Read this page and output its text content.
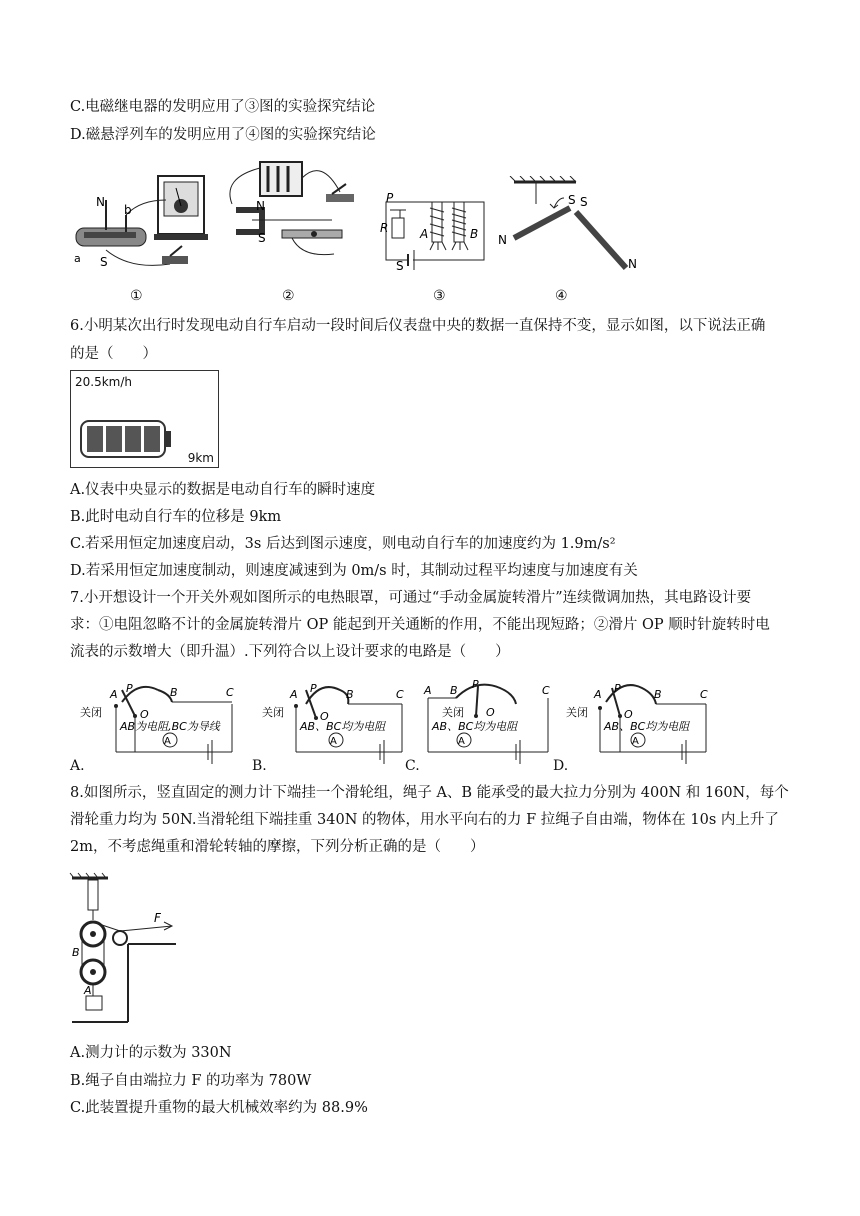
C.电磁继电器的发明应用了③图的实验探究结论
D.磁悬浮列车的发明应用了④图的实验探究结论
N
b
a S
N
S
P
R	A	B
S
N
S S
N
①	②	③	④
6.小明某次出行时发现电动自行车启动一段时间后仪表盘中央的数据一直保持不变，显示如图，以下说法正确
的是（　　）
20.5km/h
9km
A.仪表中央显示的数据是电动自行车的瞬时速度
B.此时电动自行车的位移是 9km
C.若采用恒定加速度启动，3s 后达到图示速度，则电动自行车的加速度约为 1.9m/s²
D.若采用恒定加速度制动，则速度减速到为 0m/s 时，其制动过程平均速度与加速度有关
7.小开想设计一个开关外观如图所示的电热眼罩，可通过“手动金属旋转滑片”连续微调加热，其电路设计要
求：①电阻忽略不计的金属旋转滑片 OP 能起到开关通断的作用，不能出现短路；②滑片 OP 顺时针旋转时电
流表的示数增大（即升温）.下列符合以上设计要求的电路是（　　）
A
AB为电阻,BC为导线
关闭
A P
O
B	C
A.
A
AB、BC均为电阻
关闭
A P
O
B	C
B.
A
AB、BC均为电阻
关闭
A	P
O
B	C
C.
A
AB、BC均为电阻
关闭
A P
O
B	C
D.
8.如图所示，竖直固定的测力计下端挂一个滑轮组，绳子 A、B 能承受的最大拉力分别为 400N 和 160N，每个
滑轮重力均为 50N.当滑轮组下端挂重 340N 的物体，用水平向右的力 F 拉绳子自由端，物体在 10s 内上升了
2m，不考虑绳重和滑轮转轴的摩擦，下列分析正确的是（　　）
F
B
A
A.测力计的示数为 330N
B.绳子自由端拉力 F 的功率为 780W
C.此装置提升重物的最大机械效率约为 88.9%
